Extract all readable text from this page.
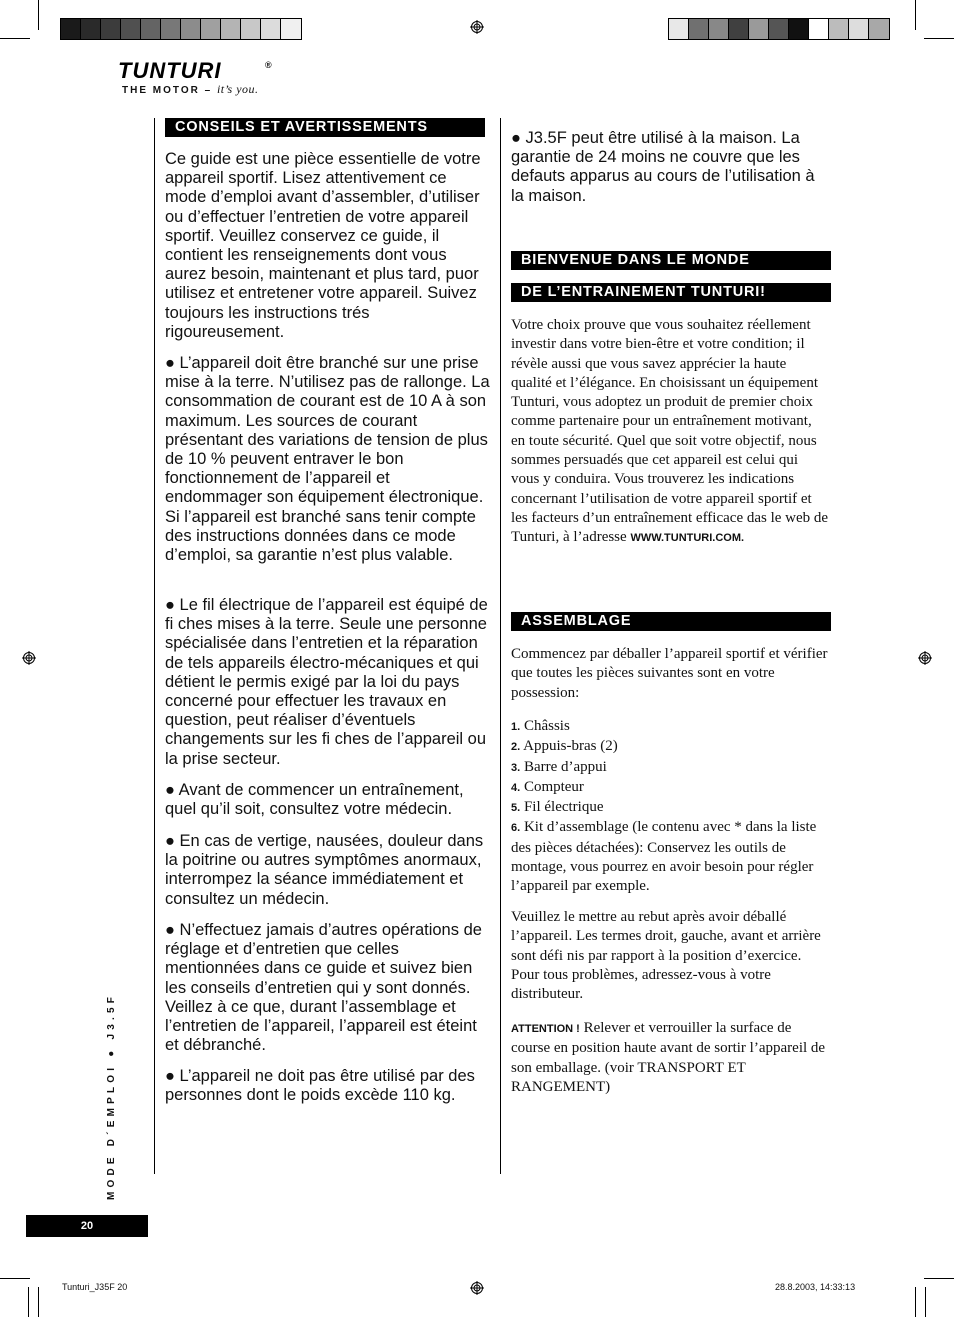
TUNTURI	®
THE MOTOR – it’s you.
CONSEILS ET AVERTISSEMENTS

Ce guide est une pièce essentielle de votre appareil sportif. Lisez attentivement ce mode d’emploi avant d’assembler, d’utiliser ou d’effectuer l’entretien de votre appareil sportif. Veuillez conservez ce guide, il contient les renseignements dont vous aurez besoin, maintenant et plus tard, puor utilisez et entretener votre appareil. Suivez toujours les instructions trés rigoureusement.

● L’appareil doit être branché sur une prise mise à la terre. N’utilisez pas de rallonge. La consommation de courant est de 10 A à son maximum. Les sources de courant présentant des variations de tension de plus de 10 % peuvent entraver le bon fonctionnement de l’appareil et endommager son équipement électronique. Si l’appareil est branché sans tenir compte des instructions données dans ce mode d’emploi, sa garantie n’est plus valable.

● Le fil électrique de l’appareil est équipé de fi ches mises à la terre. Seule une personne spécialisée dans l’entretien et la réparation de tels appareils électro-mécaniques et qui détient le permis exigé par la loi du pays concerné pour effectuer les travaux en question, peut réaliser d’éventuels changements sur les fi ches de l’appareil ou la prise secteur.

● Avant de commencer un entraînement, quel qu’il soit, consultez votre médecin.

● En cas de vertige, nausées, douleur dans la poitrine ou autres symptômes anormaux, interrompez la séance immédiatement et consultez un médecin.

● N’effectuez jamais d’autres opérations de réglage et d’entretien que celles mentionnées dans ce guide et suivez bien les conseils d’entretien qui y sont donnés. Veillez à ce que, durant l’assemblage et l’entretien de l’appareil, l’appareil est éteint et débranché.

● L’appareil ne doit pas être utilisé par des personnes dont le poids excède 110 kg.

● J3.5F peut être utilisé à la maison. La garantie de 24 moins ne couvre que les defauts apparus au cours de l’utilisation à la maison.

BIENVENUE DANS LE MONDE
DE L’ENTRAINEMENT TUNTURI!

Votre choix prouve que vous souhaitez réellement investir dans votre bien-être et votre condition; il révèle aussi que vous savez apprécier la haute qualité et l’élégance. En choisissant un équipement Tunturi, vous adoptez un produit de premier choix comme partenaire pour un entraînement motivant, en toute sécurité. Quel que soit votre objectif, nous sommes persuadés que cet appareil est celui qui vous y conduira. Vous trouverez les indications concernant l’utilisation de votre appareil sportif et les facteurs d’un entraînement efficace das le web de Tunturi, à l’adresse WWW.TUNTURI.COM.

ASSEMBLAGE

Commencez par déballer l’appareil sportif et vérifier que toutes les pièces suivantes sont en votre possession:

1. Châssis
2. Appuis-bras (2)
3. Barre d’appui
4. Compteur
5. Fil électrique
6. Kit d’assemblage (le contenu avec * dans la liste des pièces détachées): Conservez les outils de montage, vous pourrez en avoir besoin pour régler l’appareil par exemple.

Veuillez le mettre au rebut après avoir déballé l’appareil. Les termes droit, gauche, avant et arrière sont défi nis par rapport à la position d’exercice. Pour tous problèmes, adressez-vous à votre distributeur.

ATTENTION ! Relever et verrouiller la surface de course en position haute avant de sortir l’appareil de son emballage. (voir TRANSPORT ET RANGEMENT)

MODE D´EMPLOI ● J3.5F
20
Tunturi_J35F 20	28.8.2003, 14:33:13
